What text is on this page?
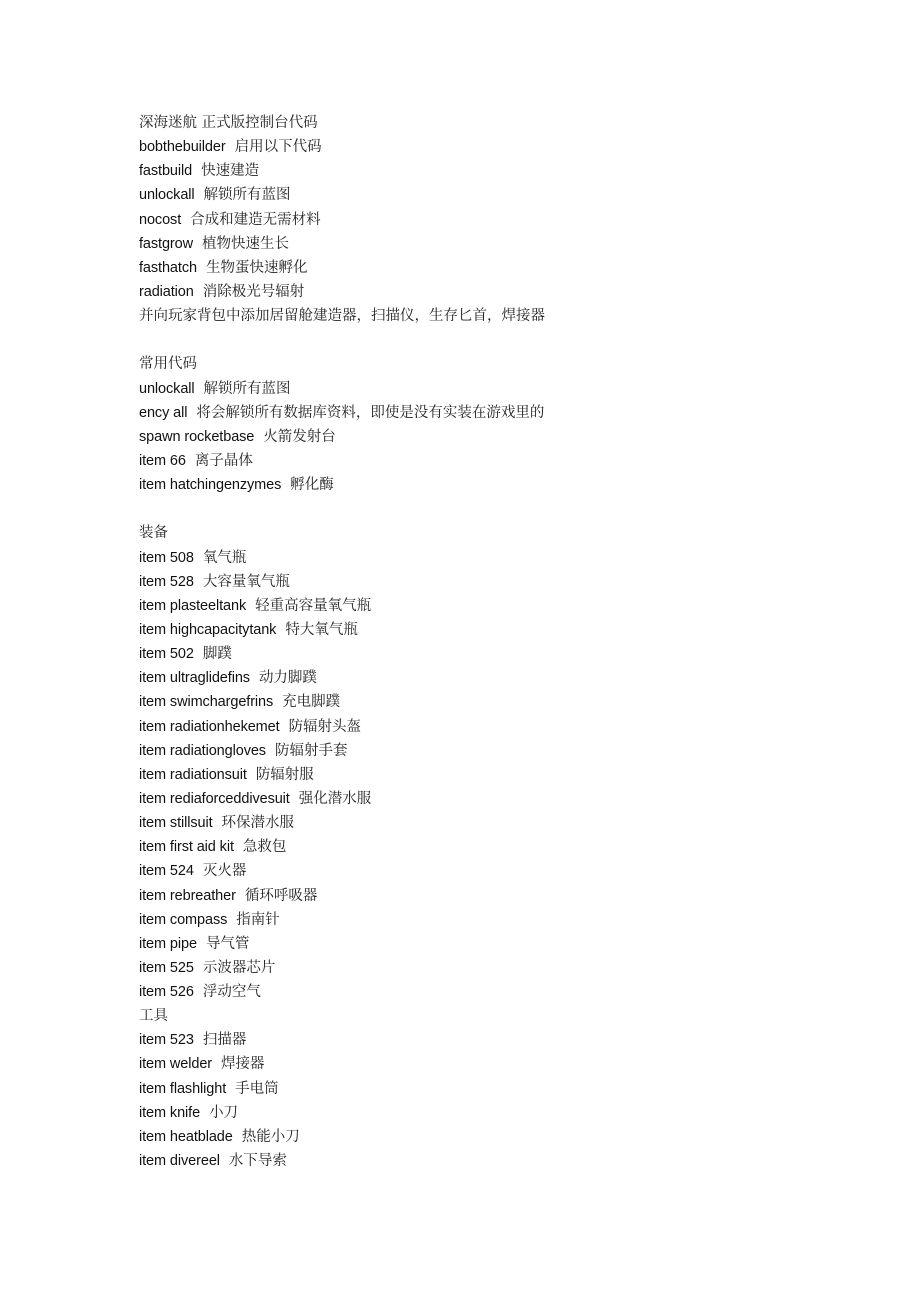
深海迷航 正式版控制台代码
bobthebuilder 启用以下代码
fastbuild 快速建造
unlockall 解锁所有蓝图
nocost 合成和建造无需材料
fastgrow 植物快速生长
fasthatch 生物蛋快速孵化
radiation 消除极光号辐射
并向玩家背包中添加居留舱建造器，扫描仪，生存匕首，焊接器
常用代码
unlockall 解锁所有蓝图
ency all 将会解锁所有数据库资料，即使是没有实装在游戏里的
spawn rocketbase 火箭发射台
item 66 离子晶体
item hatchingenzymes 孵化酶
装备
item 508 氧气瓶
item 528 大容量氧气瓶
item plasteeltank 轻重高容量氧气瓶
item highcapacitytank 特大氧气瓶
item 502 脚蹼
item ultraglidefins 动力脚蹼
item swimchargefrins 充电脚蹼
item radiationhekemet 防辐射头盔
item radiationgloves 防辐射手套
item radiationsuit 防辐射服
item rediaforceddivesuit 强化潜水服
item stillsuit 环保潜水服
item first aid kit 急救包
item 524 灭火器
item rebreather 循环呼吸器
item compass 指南针
item pipe 导气管
item 525 示波器芯片
item 526 浮动空气
工具
item 523 扫描器
item welder 焊接器
item flashlight 手电筒
item knife 小刀
item heatblade 热能小刀
item divereel 水下导索
